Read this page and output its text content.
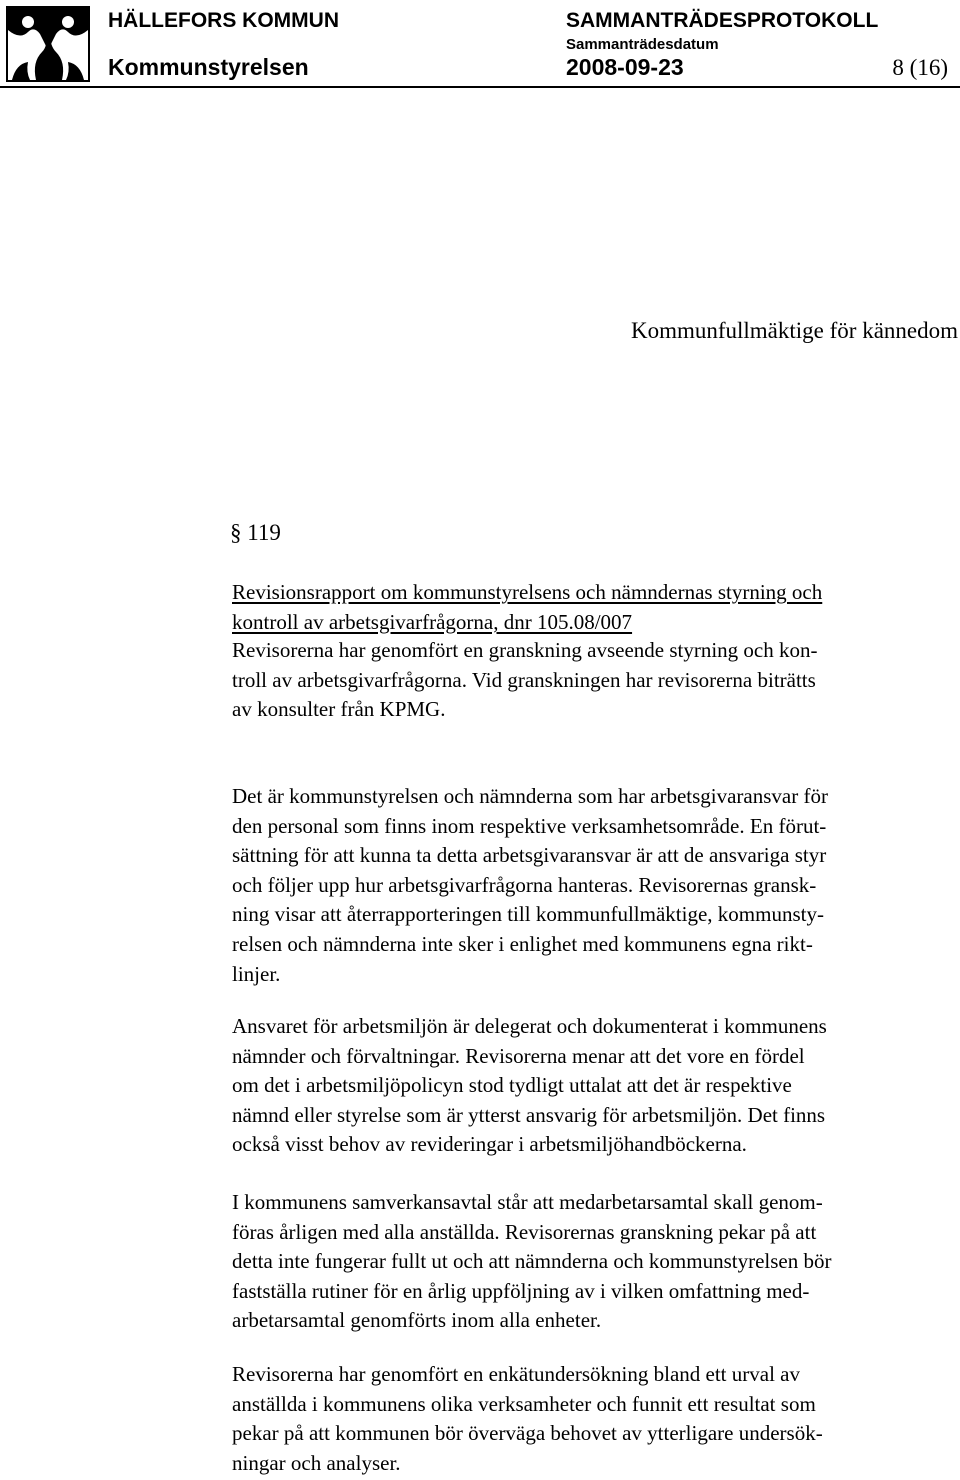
HÄLLEFORS KOMMUN
Kommunstyrelsen
SAMMANTRÄDESPROTOKOLL
Sammanträdesdatum
2008-09-23	8 (16)
Kommunfullmäktige för kännedom
§ 119

Revisionsrapport om kommunstyrelsens och nämndernas styrning och
kontroll av arbetsgivarfrågorna, dnr 105.08/007

Revisorerna har genomfört en granskning avseende styrning och kon-
troll av arbetsgivarfrågorna. Vid granskningen har revisorerna biträtts
av konsulter från KPMG.

Det är kommunstyrelsen och nämnderna som har arbetsgivaransvar för
den personal som finns inom respektive verksamhetsområde. En förut-
sättning för att kunna ta detta arbetsgivaransvar är att de ansvariga styr
och följer upp hur arbetsgivarfrågorna hanteras. Revisorernas gransk-
ning visar att återrapporteringen till kommunfullmäktige, kommunsty-
relsen och nämnderna inte sker i enlighet med kommunens egna rikt-
linjer.

Ansvaret för arbetsmiljön är delegerat och dokumenterat i kommunens
nämnder och förvaltningar. Revisorerna menar att det vore en fördel
om det i arbetsmiljöpolicyn stod tydligt uttalat att det är respektive
nämnd eller styrelse som är ytterst ansvarig för arbetsmiljön. Det finns
också visst behov av revideringar i arbetsmiljöhandböckerna.

I kommunens samverkansavtal står att medarbetarsamtal skall genom-
föras årligen med alla anställda. Revisorernas granskning pekar på att
detta inte fungerar fullt ut och att nämnderna och kommunstyrelsen bör
fastställa rutiner för en årlig uppföljning av i vilken omfattning med-
arbetarsamtal genomförts inom alla enheter.

Revisorerna har genomfört en enkätundersökning bland ett urval av
anställda i kommunens olika verksamheter och funnit ett resultat som
pekar på att kommunen bör överväga behovet av ytterligare undersök-
ningar och analyser.
